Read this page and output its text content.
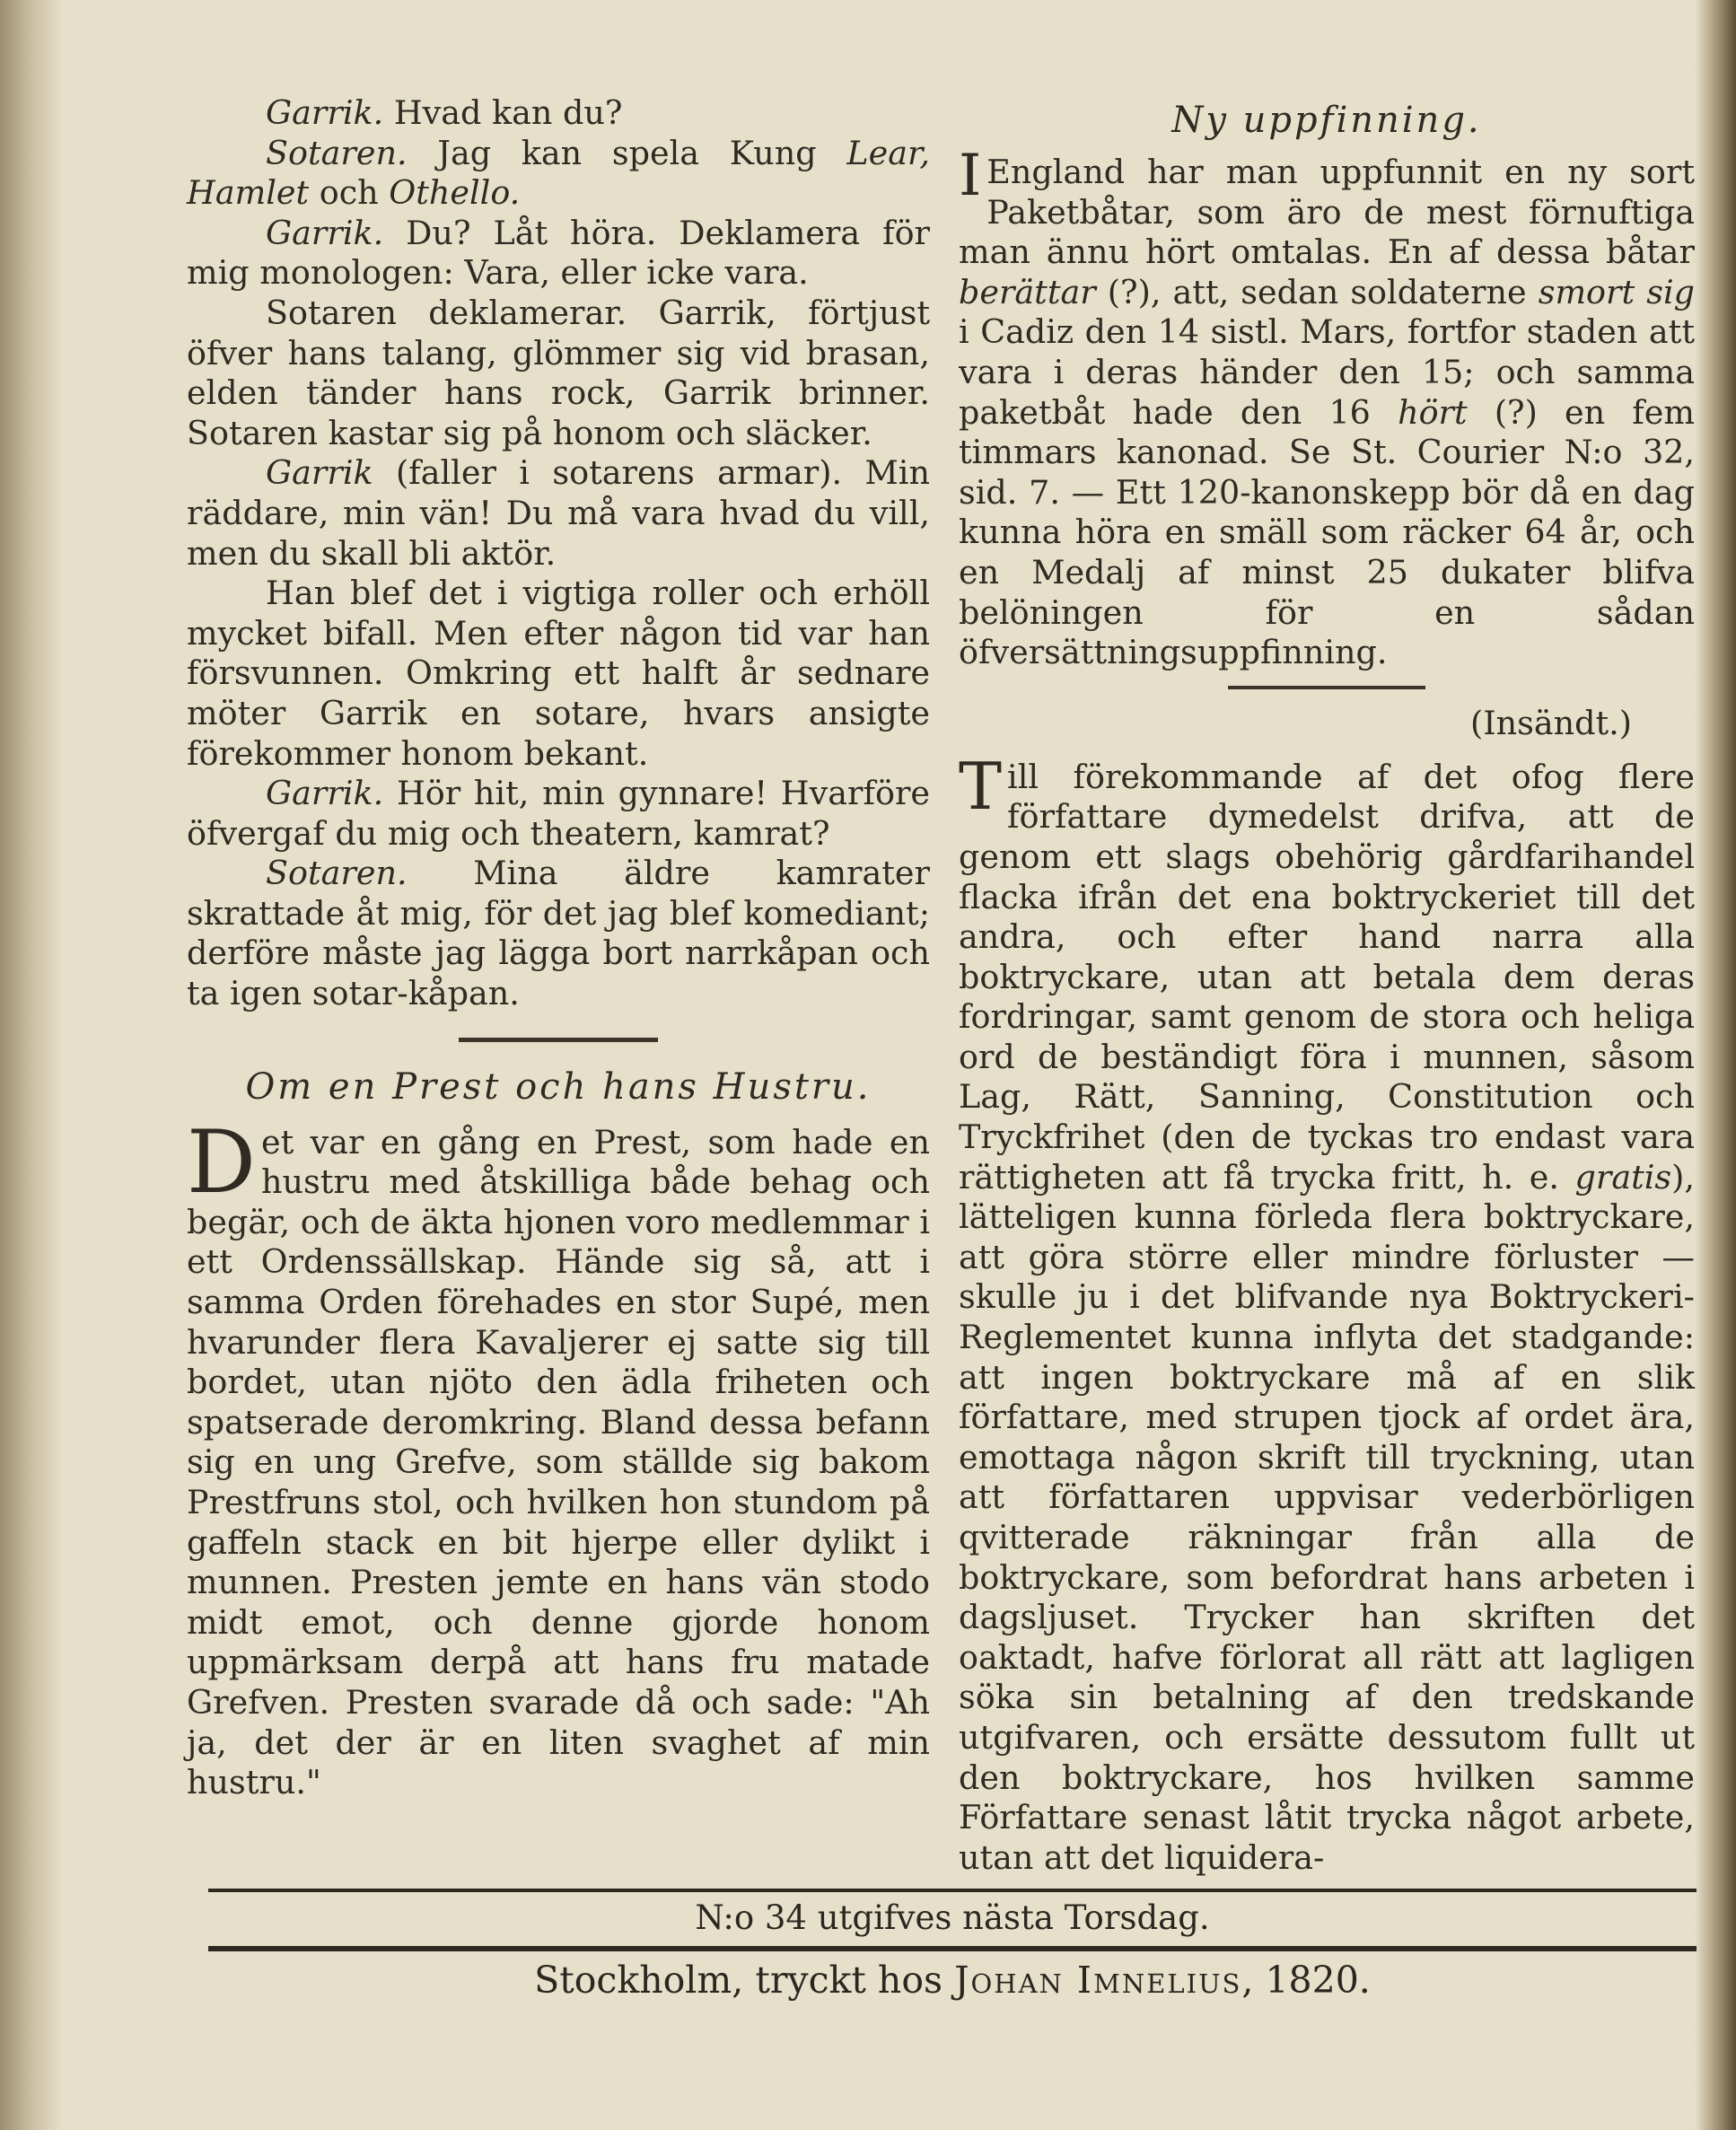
Garrik. Hvad kan du?

Sotaren. Jag kan spela Kung Lear, Hamlet och Othello.

Garrik. Du? Låt höra. Deklamera för mig monologen: Vara, eller icke vara.

Sotaren deklamerar. Garrik, förtjust öfver hans talang, glömmer sig vid brasan, elden tänder hans rock, Garrik brinner. Sotaren kastar sig på honom och släcker.

Garrik (faller i sotarens armar). Min räddare, min vän! Du må vara hvad du vill, men du skall bli aktör.

Han blef det i vigtiga roller och erhöll mycket bifall. Men efter någon tid var han försvunnen. Omkring ett halft år sednare möter Garrik en sotare, hvars ansigte förekommer honom bekant.

Garrik. Hör hit, min gynnare! Hvarföre öfvergaf du mig och theatern, kamrat?

Sotaren. Mina äldre kamrater skrattade åt mig, för det jag blef komediant; derföre måste jag lägga bort narrkåpan och ta igen sotar-kåpan.

Om en Prest och hans Hustru.

Det var en gång en Prest, som hade en hustru med åtskilliga både behag och begär, och de äkta hjonen voro medlemmar i ett Ordenssällskap. Hände sig så, att i samma Orden förehades en stor Supé, men hvarunder flera Kavaljerer ej satte sig till bordet, utan njöto den ädla friheten och spatserade deromkring. Bland dessa befann sig en ung Grefve, som ställde sig bakom Prestfruns stol, och hvilken hon stundom på gaffeln stack en bit hjerpe eller dylikt i munnen. Presten jemte en hans vän stodo midt emot, och denne gjorde honom uppmärksam derpå att hans fru matade Grefven. Presten svarade då och sade: "Ah ja, det der är en liten svaghet af min hustru."

Ny uppfinning.

I England har man uppfunnit en ny sort Paketbåtar, som äro de mest förnuftiga man ännu hört omtalas. En af dessa båtar berättar (?), att, sedan soldaterne smort sig i Cadiz den 14 sistl. Mars, fortfor staden att vara i deras händer den 15; och samma paketbåt hade den 16 hört (?) en fem timmars kanonad. Se St. Courier N:o 32, sid. 7. — Ett 120-kanonskepp bör då en dag kunna höra en smäll som räcker 64 år, och en Medalj af minst 25 dukater blifva belöningen för en sådan öfversättningsuppfinning.

(Insändt.)

Till förekommande af det ofog flere författare dymedelst drifva, att de genom ett slags obehörig gårdfarihandel flacka ifrån det ena boktryckeriet till det andra, och efter hand narra alla boktryckare, utan att betala dem deras fordringar, samt genom de stora och heliga ord de beständigt föra i munnen, såsom Lag, Rätt, Sanning, Constitution och Tryckfrihet (den de tyckas tro endast vara rättigheten att få trycka fritt, h. e. gratis), lätteligen kunna förleda flera boktryckare, att göra större eller mindre förluster — skulle ju i det blifvande nya Boktryckeri-Reglementet kunna inflyta det stadgande: att ingen boktryckare må af en slik författare, med strupen tjock af ordet ära, emottaga någon skrift till tryckning, utan att författaren uppvisar vederbörligen qvitterade räkningar från alla de boktryckare, som befordrat hans arbeten i dagsljuset. Trycker han skriften det oaktadt, hafve förlorat all rätt att lagligen söka sin betalning af den tredskande utgifvaren, och ersätte dessutom fullt ut den boktryckare, hos hvilken samme Författare senast låtit trycka något arbete, utan att det liquidera-

N:o 34 utgifves nästa Torsdag.
Stockholm, tryckt hos Johan Imnelius, 1820.
